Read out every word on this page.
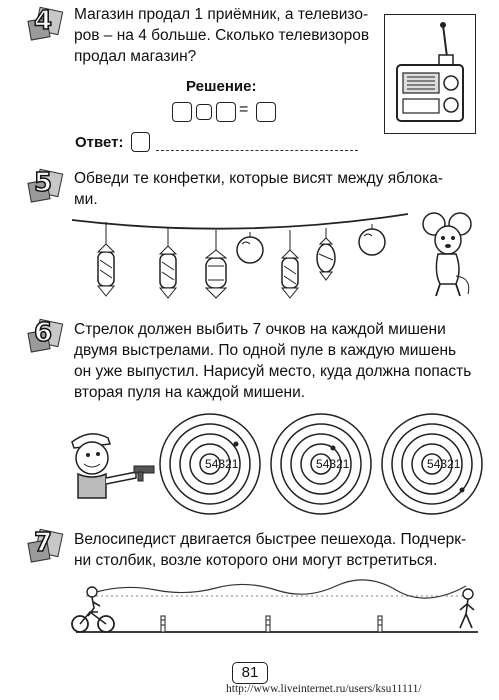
4 Магазин продал 1 приёмник, а телевизо-
ров – на 4 больше. Сколько телевизоров
продал магазин?
Решение:
=
Ответ:
5 Обведи те конфетки, которые висят между яблока-
ми.
6 Стрелок должен выбить 7 очков на каждой мишени
двумя выстрелами. По одной пуле в каждую мишень
он уже выпустил. Нарисуй место, куда должна попасть
вторая пуля на каждой мишени.
54321	54321	54321
7 Велосипедист двигается быстрее пешехода. Подчерк-
ни столбик, возле которого они могут встретиться.
81
http://www.liveinternet.ru/users/ksu11111/
